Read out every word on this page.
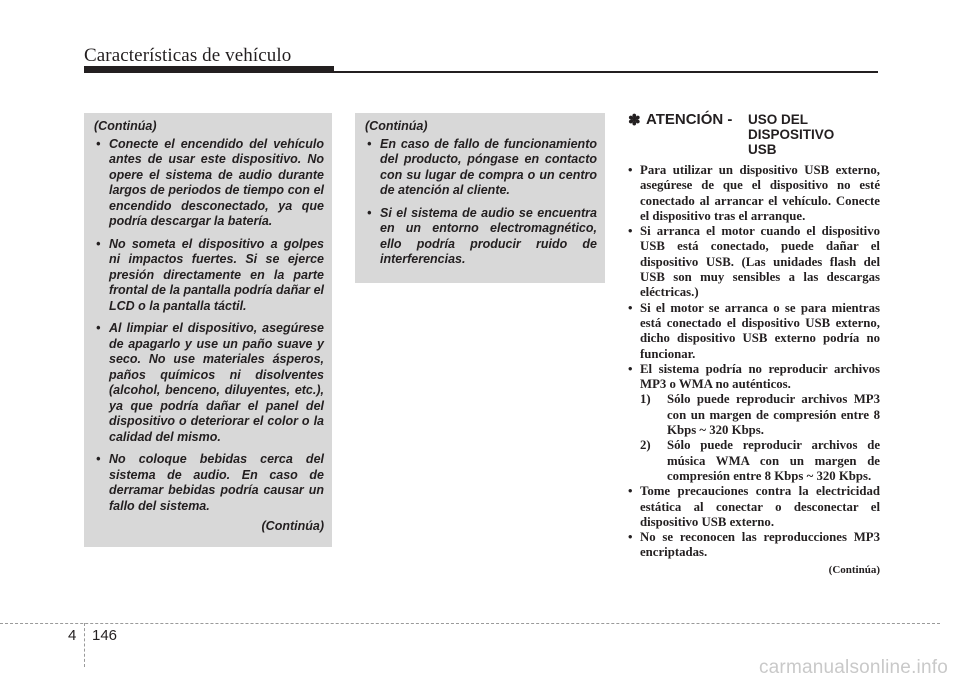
Características de vehículo
(Continúa)
• Conecte el encendido del vehículo antes de usar este dispositivo. No opere el sistema de audio durante largos de periodos de tiempo con el encendido desconectado, ya que podría descargar la batería.
• No someta el dispositivo a golpes ni impactos fuertes. Si se ejerce presión directamente en la parte frontal de la pantalla podría dañar el LCD o la pantalla táctil.
• Al limpiar el dispositivo, asegúrese de apagarlo y use un paño suave y seco. No use materiales ásperos, paños químicos ni disolventes (alcohol, benceno, diluyentes, etc.), ya que podría dañar el panel del dispositivo o deteriorar el color o la calidad del mismo.
• No coloque bebidas cerca del sistema de audio. En caso de derramar bebidas podría causar un fallo del sistema.
(Continúa)
(Continúa)
• En caso de fallo de funcionamiento del producto, póngase en contacto con su lugar de compra o un centro de atención al cliente.
• Si el sistema de audio se encuentra en un entorno electromagnético, ello podría producir ruido de interferencias.
✽ ATENCIÓN - USO DEL
DISPOSITIVO
USB
• Para utilizar un dispositivo USB externo, asegúrese de que el dispositivo no esté conectado al arrancar el vehículo. Conecte el dispositivo tras el arranque.
• Si arranca el motor cuando el dispositivo USB está conectado, puede dañar el dispositivo USB. (Las unidades flash del USB son muy sensibles a las descargas eléctricas.)
• Si el motor se arranca o se para mientras está conectado el dispositivo USB externo, dicho dispositivo USB externo podría no funcionar.
• El sistema podría no reproducir archivos MP3 o WMA no auténticos.
1) Sólo puede reproducir archivos MP3 con un margen de compresión entre 8 Kbps ~ 320 Kbps.
2) Sólo puede reproducir archivos de música WMA con un margen de compresión entre 8 Kbps ~ 320 Kbps.
• Tome precauciones contra la electricidad estática al conectar o desconectar el dispositivo USB externo.
• No se reconocen las reproducciones MP3 encriptadas.
(Continúa)
4 146
carmanualsonline.info
